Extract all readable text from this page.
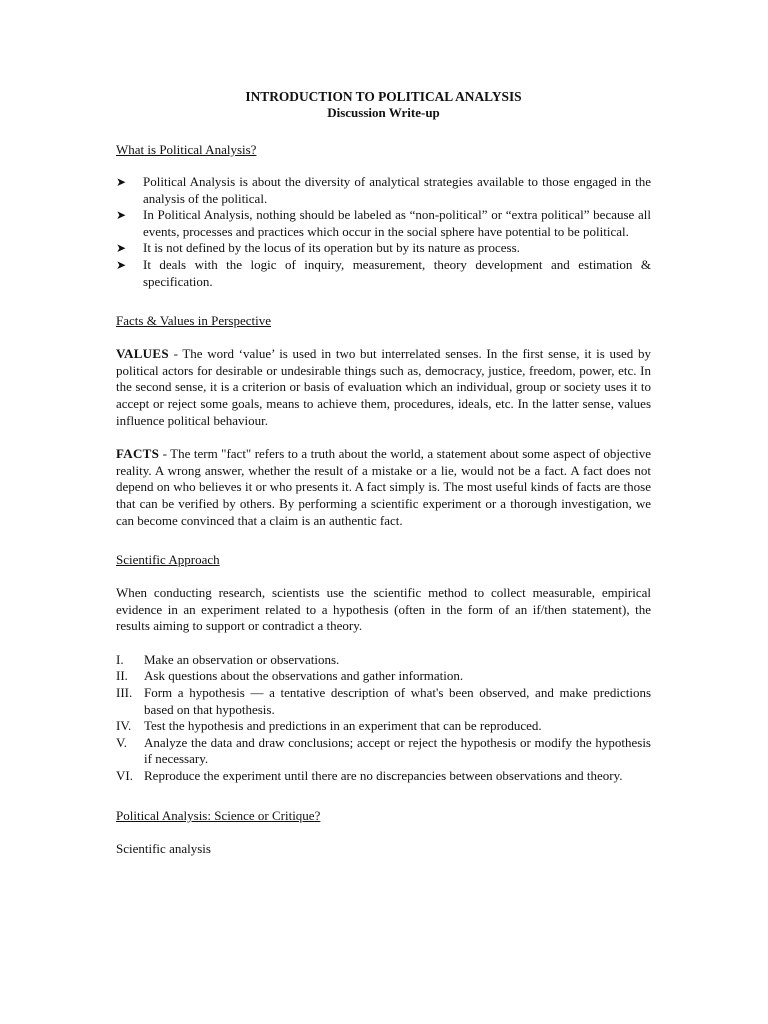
INTRODUCTION TO POLITICAL ANALYSIS
Discussion Write-up
What is Political Analysis?
➤ Political Analysis is about the diversity of analytical strategies available to those engaged in the analysis of the political.
➤ In Political Analysis, nothing should be labeled as “non-political” or “extra political” because all events, processes and practices which occur in the social sphere have potential to be political.
➤ It is not defined by the locus of its operation but by its nature as process.
➤ It deals with the logic of inquiry, measurement, theory development and estimation & specification.
Facts & Values in Perspective
VALUES - The word ‘value’ is used in two but interrelated senses. In the first sense, it is used by political actors for desirable or undesirable things such as, democracy, justice, freedom, power, etc. In the second sense, it is a criterion or basis of evaluation which an individual, group or society uses it to accept or reject some goals, means to achieve them, procedures, ideals, etc. In the latter sense, values influence political behaviour.
FACTS - The term "fact" refers to a truth about the world, a statement about some aspect of objective reality. A wrong answer, whether the result of a mistake or a lie, would not be a fact. A fact does not depend on who believes it or who presents it. A fact simply is. The most useful kinds of facts are those that can be verified by others. By performing a scientific experiment or a thorough investigation, we can become convinced that a claim is an authentic fact.
Scientific Approach
When conducting research, scientists use the scientific method to collect measurable, empirical evidence in an experiment related to a hypothesis (often in the form of an if/then statement), the results aiming to support or contradict a theory.
I. Make an observation or observations.
II. Ask questions about the observations and gather information.
III. Form a hypothesis — a tentative description of what's been observed, and make predictions based on that hypothesis.
IV. Test the hypothesis and predictions in an experiment that can be reproduced.
V. Analyze the data and draw conclusions; accept or reject the hypothesis or modify the hypothesis if necessary.
VI. Reproduce the experiment until there are no discrepancies between observations and theory.
Political Analysis: Science or Critique?
Scientific analysis
